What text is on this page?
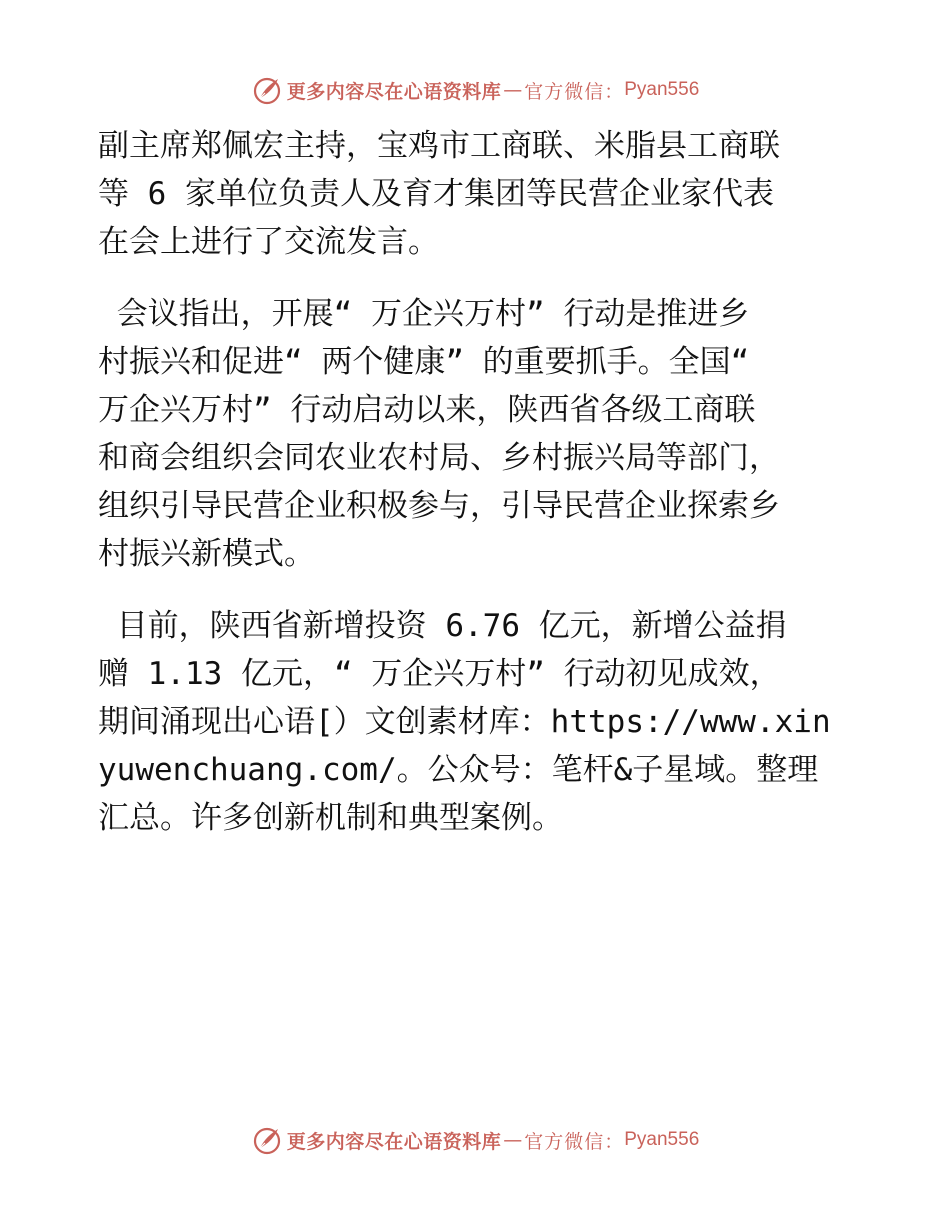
更多内容尽在心语资料库 — 官方微信： Pyan556
副主席郑佩宏主持，宝鸡市工商联、米脂县工商联
等 6 家单位负责人及育才集团等民营企业家代表
在会上进行了交流发言。
会议指出，开展“ 万企兴万村” 行动是推进乡
村振兴和促进“ 两个健康” 的重要抓手。全国“
万企兴万村” 行动启动以来，陕西省各级工商联
和商会组织会同农业农村局、乡村振兴局等部门，
组织引导民营企业积极参与，引导民营企业探索乡
村振兴新模式。
目前，陕西省新增投资 6.76 亿元，新增公益捐
赠 1.13 亿元，“ 万企兴万村” 行动初见成效，
期间涌现出心语[）文创素材库：https://www.xin
yuwenchuang.com/。公众号：笔杆&子星域。整理
汇总。许多创新机制和典型案例。
更多内容尽在心语资料库 — 官方微信： Pyan556
